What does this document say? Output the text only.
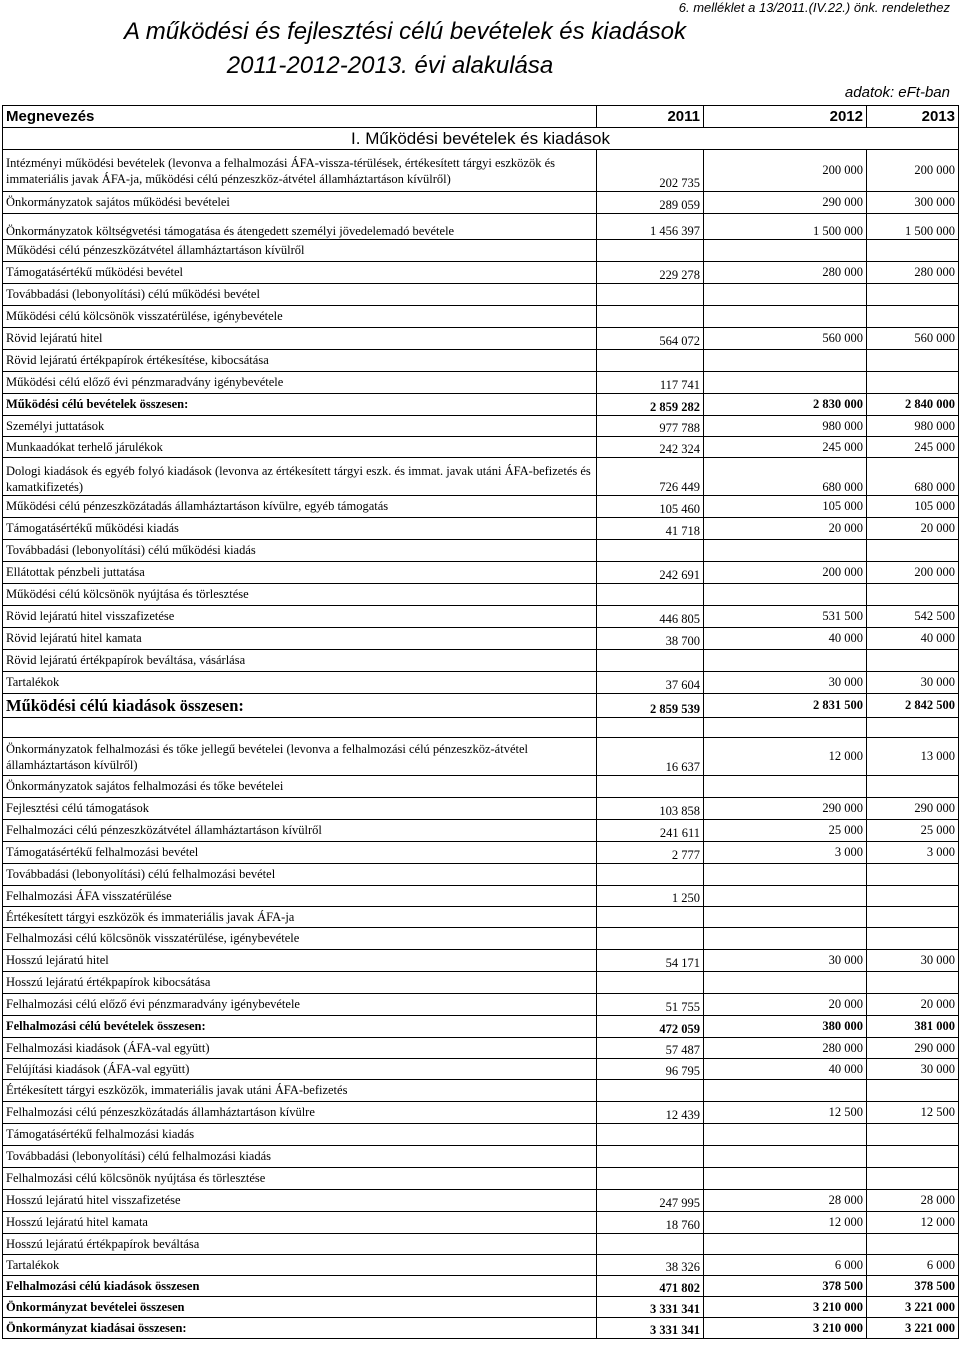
6. melléklet a 13/2011.(IV.22.) önk. rendelethez
A működési és fejlesztési célú bevételek és kiadások
2011-2012-2013. évi alakulása
adatok: eFt-ban
Megnevezés	2011	2012	2013
I. Működési bevételek és kiadások			
Intézményi működési bevételek (levonva a felhalmozási ÁFA-vissza-térülések, értékesített tárgyi eszközök és immateriális javak ÁFA-ja, működési célú pénzeszköz-átvétel államháztartáson kívülről)	202 735	200 000	200 000
Önkormányzatok sajátos működési bevételei	289 059	290 000	300 000
Önkormányzatok költségvetési támogatása és átengedett személyi jövedelemadó bevétele	1 456 397	1 500 000	1 500 000
Működési célú pénzeszközátvétel államháztartáson kívülről			
Támogatásértékű működési bevétel	229 278	280 000	280 000
Továbbadási (lebonyolítási) célú működési bevétel			
Működési célú kölcsönök visszatérülése, igénybevétele			
Rövid lejáratú hitel	564 072	560 000	560 000
Rövid lejáratú értékpapírok értékesítése, kibocsátása			
Működési célú előző évi pénzmaradvány igénybevétele	117 741		
Működési célú bevételek összesen:	2 859 282	2 830 000	2 840 000
Személyi juttatások	977 788	980 000	980 000
Munkaadókat terhelő járulékok	242 324	245 000	245 000
Dologi kiadások és egyéb folyó kiadások (levonva az értékesített tárgyi eszk. és immat. javak utáni ÁFA-befizetés és kamatkifizetés)	726 449	680 000	680 000
Működési célú pénzeszközátadás államháztartáson kívülre, egyéb támogatás	105 460	105 000	105 000
Támogatásértékű működési kiadás	41 718	20 000	20 000
Továbbadási (lebonyolítási) célú működési kiadás			
Ellátottak pénzbeli juttatása	242 691	200 000	200 000
Működési célú kölcsönök nyújtása és törlesztése			
Rövid lejáratú hitel visszafizetése	446 805	531 500	542 500
Rövid lejáratú hitel kamata	38 700	40 000	40 000
Rövid lejáratú értékpapírok beváltása, vásárlása			
Tartalékok	37 604	30 000	30 000
Működési célú kiadások összesen:	2 859 539	2 831 500	2 842 500

Önkormányzatok felhalmozási és tőke jellegű bevételei (levonva a felhalmozási célú pénzeszköz-átvétel államháztartáson kívülről)	16 637	12 000	13 000
Önkormányzatok sajátos felhalmozási és tőke bevételei			
Fejlesztési célú támogatások	103 858	290 000	290 000
Felhalmozáci célú pénzeszközátvétel államháztartáson kívülről	241 611	25 000	25 000
Támogatásértékű felhalmozási bevétel	2 777	3 000	3 000
Továbbadási (lebonyolítási) célú felhalmozási bevétel			
Felhalmozási ÁFA visszatérülése	1 250		
Értékesített tárgyi eszközök és immateriális javak ÁFA-ja			
Felhalmozási célú kölcsönök visszatérülése, igénybevétele			
Hosszú lejáratú hitel	54 171	30 000	30 000
Hosszú lejáratú értékpapírok kibocsátása			
Felhalmozási célú előző évi pénzmaradvány igénybevétele	51 755	20 000	20 000
Felhalmozási célú bevételek összesen:	472 059	380 000	381 000
Felhalmozási kiadások (ÁFA-val együtt)	57 487	280 000	290 000
Felújítási kiadások (ÁFA-val együtt)	96 795	40 000	30 000
Értékesített tárgyi eszközök, immateriális javak utáni ÁFA-befizetés			
Felhalmozási célú pénzeszközátadás államháztartáson kívülre	12 439	12 500	12 500
Támogatásértékű felhalmozási kiadás			
Továbbadási (lebonyolítási) célú felhalmozási kiadás			
Felhalmozási célú kölcsönök nyújtása és törlesztése			
Hosszú lejáratú hitel visszafizetése	247 995	28 000	28 000
Hosszú lejáratú hitel kamata	18 760	12 000	12 000
Hosszú lejáratú értékpapírok beváltása			
Tartalékok	38 326	6 000	6 000
Felhalmozási célú kiadások összesen	471 802	378 500	378 500
Önkormányzat bevételei összesen	3 331 341	3 210 000	3 221 000
Önkormányzat kiadásai összesen:	3 331 341	3 210 000	3 221 000
